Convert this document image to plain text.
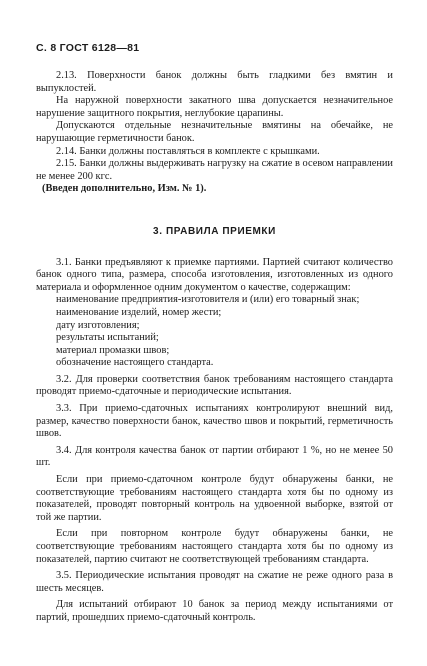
С. 8 ГОСТ 6128—81

2.13. Поверхности банок должны быть гладкими без вмятин и выпуклостей.

На наружной поверхности закатного шва допускается незначительное нарушение защитного покрытия, неглубокие царапины.

Допускаются отдельные незначительные вмятины на обечайке, не нарушающие герметичности банок.

2.14. Банки должны поставляться в комплекте с крышками.

2.15. Банки должны выдерживать нагрузку на сжатие в осевом направлении не менее 200 кгс.

(Введен дополнительно, Изм. № 1).

3. ПРАВИЛА ПРИЕМКИ

3.1. Банки предъявляют к приемке партиями. Партией считают количество банок одного типа, размера, способа изготовления, изготовленных из одного материала и оформленное одним документом о качестве, содержащим:

наименование предприятия-изготовителя и (или) его товарный знак;

наименование изделий, номер жести;

дату изготовления;

результаты испытаний;

материал промазки швов;

обозначение настоящего стандарта.

3.2. Для проверки соответствия банок требованиям настоящего стандарта проводят приемо-сдаточные и периодические испытания.

3.3. При приемо-сдаточных испытаниях контролируют внешний вид, размер, качество поверхности банок, качество швов и покрытий, герметичность швов.

3.4. Для контроля качества банок от партии отбирают 1 %, но не менее 50 шт.

Если при приемо-сдаточном контроле будут обнаружены банки, не соответствующие требованиям настоящего стандарта хотя бы по одному из показателей, проводят повторный контроль на удвоенной выборке, взятой от той же партии.

Если при повторном контроле будут обнаружены банки, не соответствующие требованиям настоящего стандарта хотя бы по одному из показателей, партию считают не соответствующей требованиям стандарта.

3.5. Периодические испытания проводят на сжатие не реже одного раза в шесть месяцев.

Для испытаний отбирают 10 банок за период между испытаниями от партий, прошедших приемо-сдаточный контроль.
